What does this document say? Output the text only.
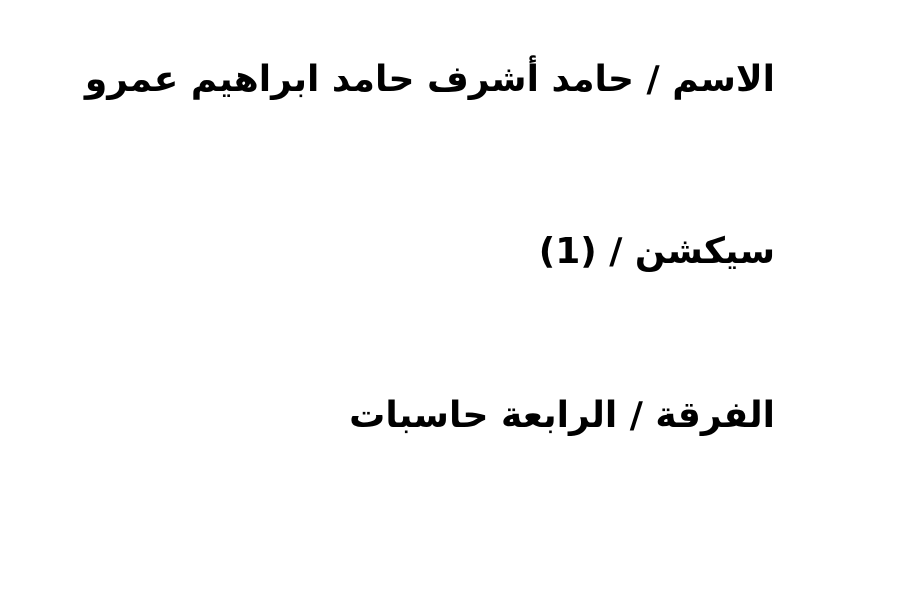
الاسم / حامد أشرف حامد ابراهيم عمرو
سيكشن / (1)
الفرقة / الرابعة حاسبات
